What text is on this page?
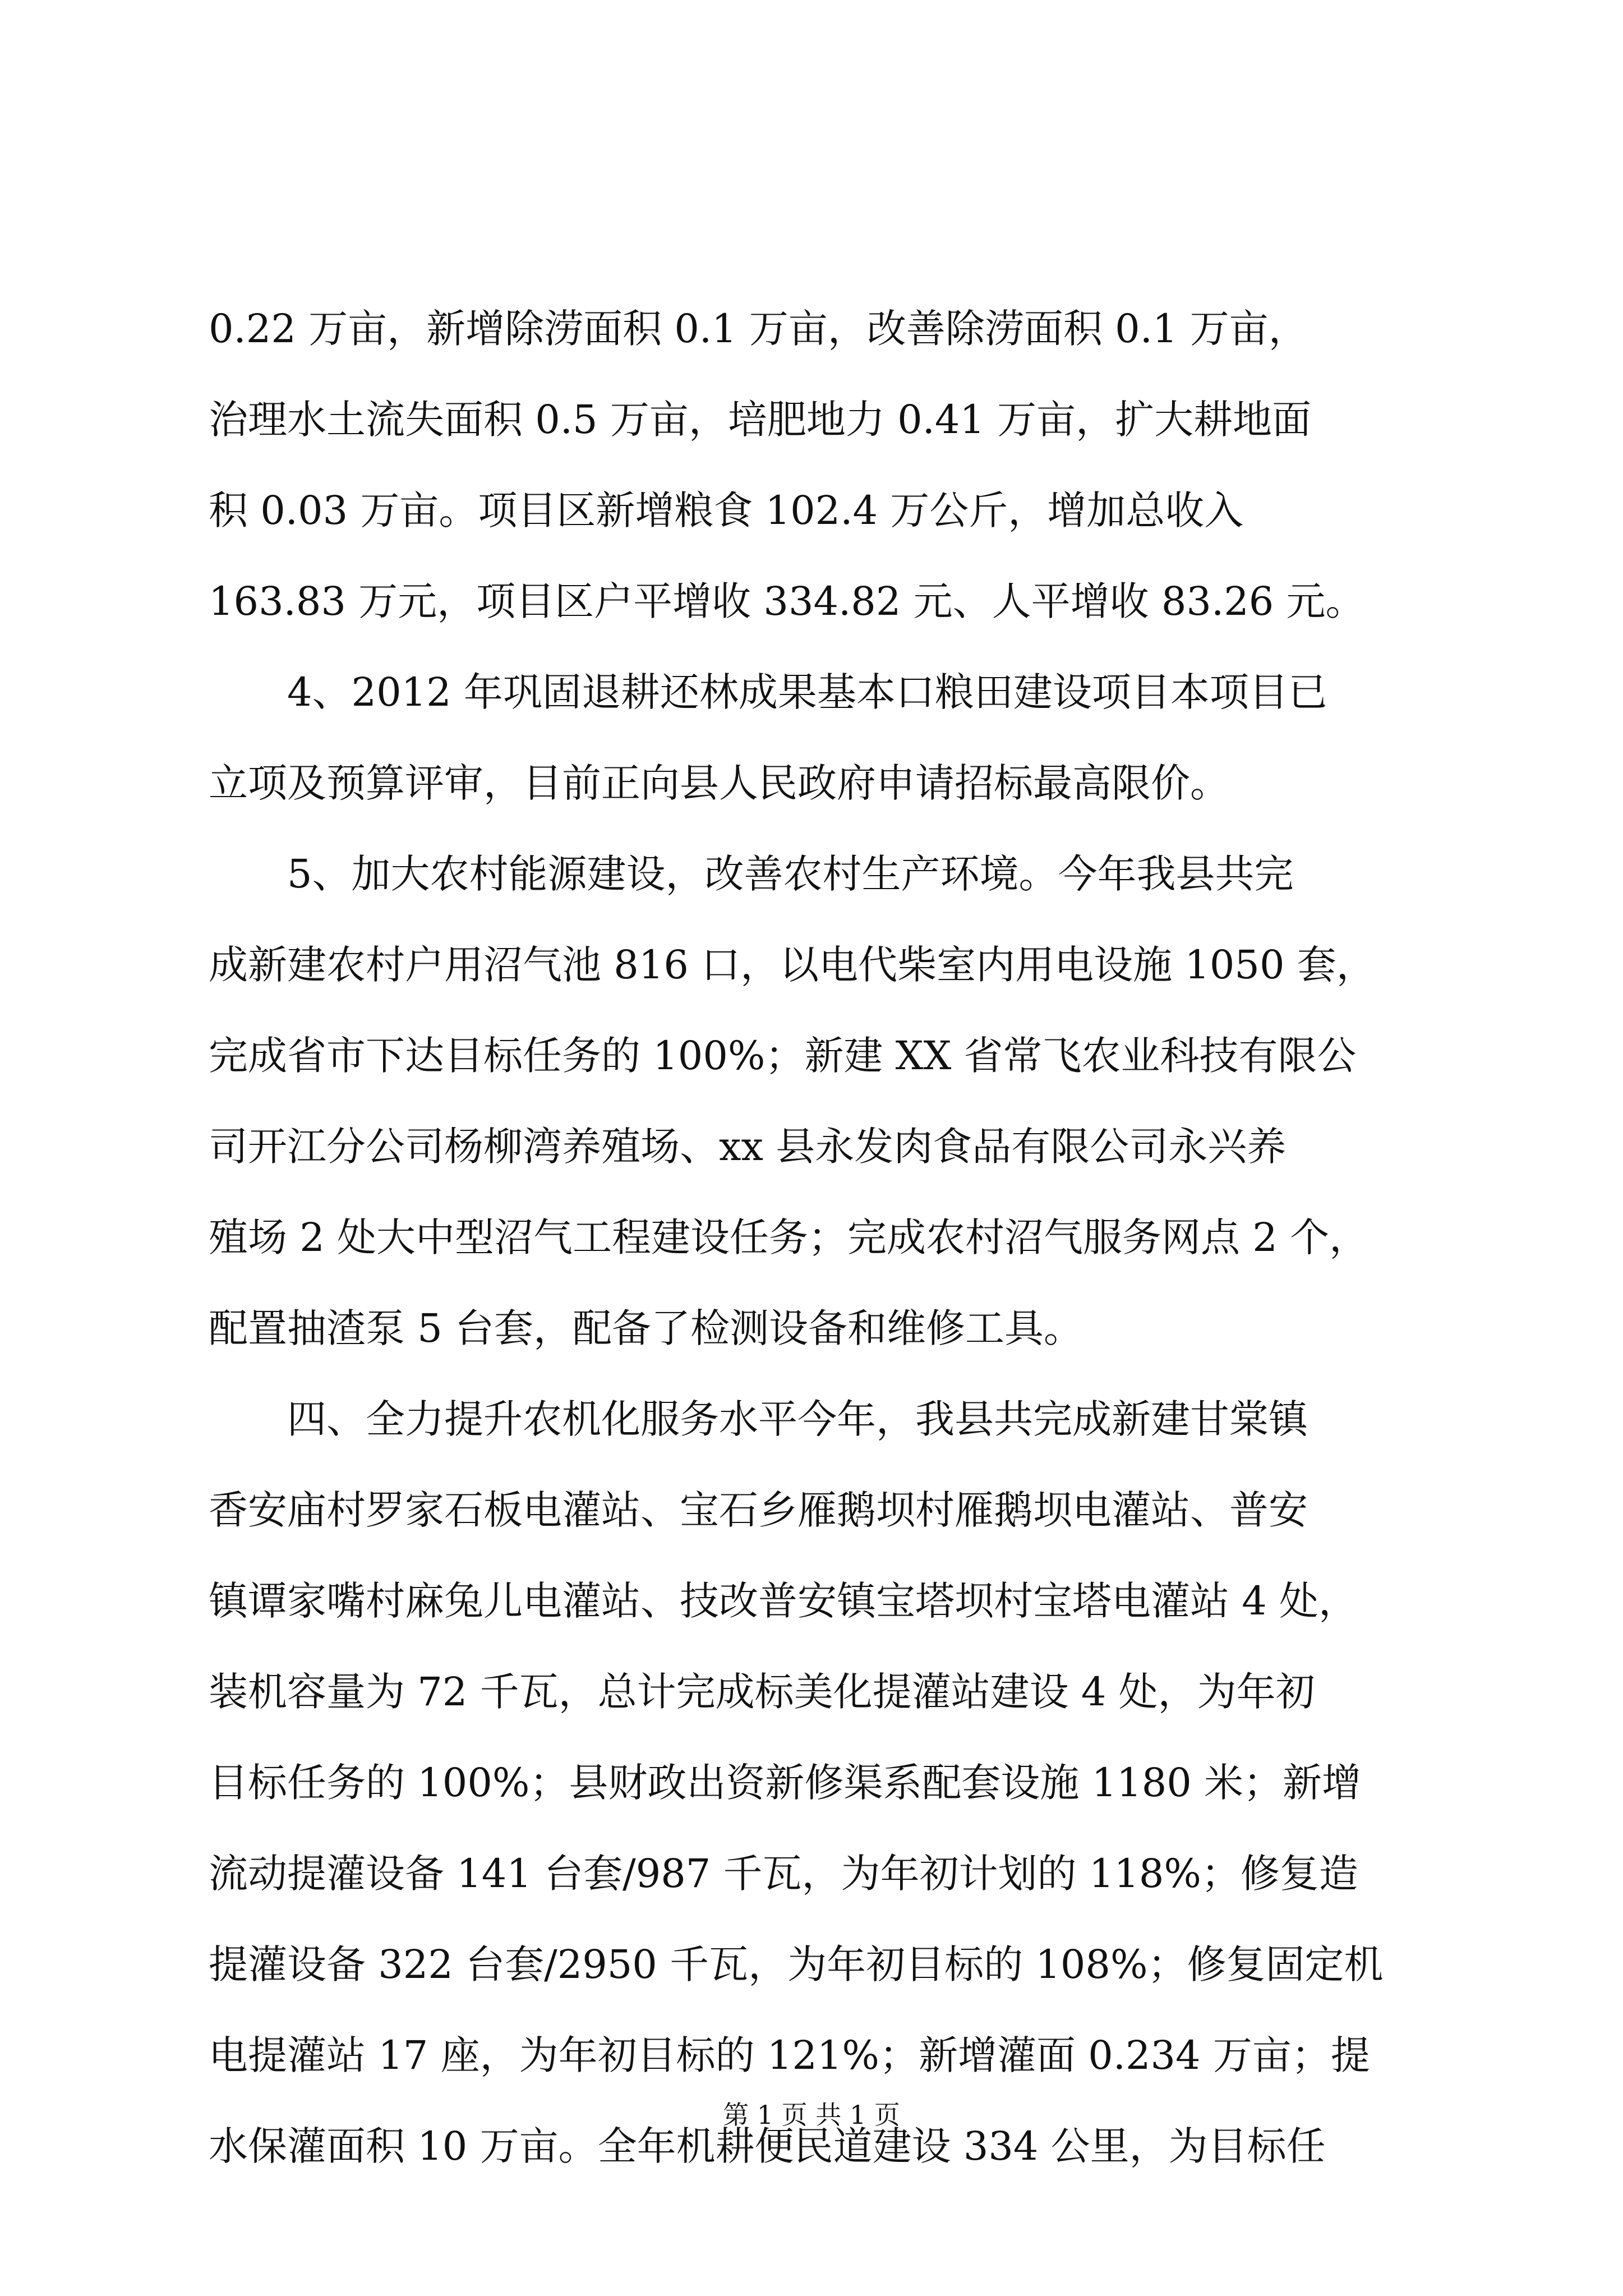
0.22 万亩，新增除涝面积 0.1 万亩，改善除涝面积 0.1 万亩，
治理水土流失面积 0.5 万亩，培肥地力 0.41 万亩，扩大耕地面
积 0.03 万亩。项目区新增粮食 102.4 万公斤，增加总收入
163.83 万元，项目区户平增收 334.82 元、人平增收 83.26 元。
　　4、2012 年巩固退耕还林成果基本口粮田建设项目本项目已
立项及预算评审，目前正向县人民政府申请招标最高限价。
　　5、加大农村能源建设，改善农村生产环境。今年我县共完
成新建农村户用沼气池 816 口，以电代柴室内用电设施 1050 套，
完成省市下达目标任务的 100%；新建 XX 省常飞农业科技有限公
司开江分公司杨柳湾养殖场、xx 县永发肉食品有限公司永兴养
殖场 2 处大中型沼气工程建设任务；完成农村沼气服务网点 2 个，
配置抽渣泵 5 台套，配备了检测设备和维修工具。
　　四、全力提升农机化服务水平今年，我县共完成新建甘棠镇
香安庙村罗家石板电灌站、宝石乡雁鹅坝村雁鹅坝电灌站、普安
镇谭家嘴村麻兔儿电灌站、技改普安镇宝塔坝村宝塔电灌站 4 处，
装机容量为 72 千瓦，总计完成标美化提灌站建设 4 处，为年初
目标任务的 100%；县财政出资新修渠系配套设施 1180 米；新增
流动提灌设备 141 台套/987 千瓦，为年初计划的 118%；修复造
提灌设备 322 台套/2950 千瓦，为年初目标的 108%；修复固定机
电提灌站 17 座，为年初目标的 121%；新增灌面 0.234 万亩；提
水保灌面积 10 万亩。全年机耕便民道建设 334 公里，为目标任
第 1 页 共 1 页
